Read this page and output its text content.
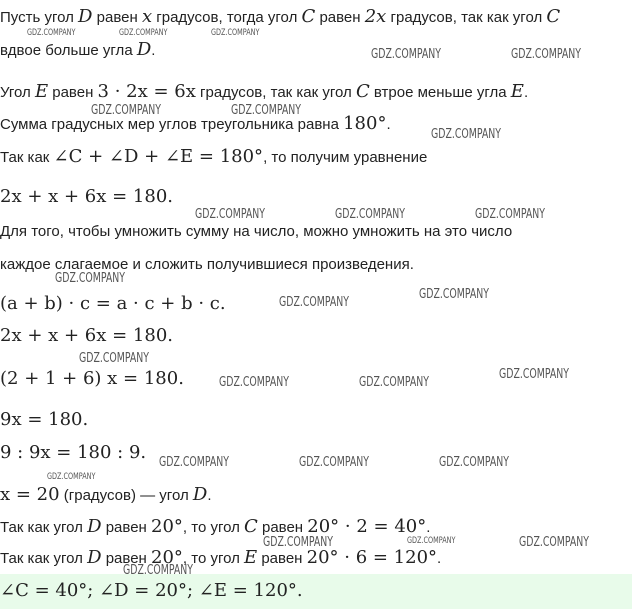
Пусть угол D равен x градусов, тогда угол C равен 2x градусов, так как угол C
вдвое больше угла D.
Угол E равен 3 · 2x = 6x градусов, так как угол C втрое меньше угла E.
Сумма градусных мер углов треугольника равна 180°.
Так как ∠C + ∠D + ∠E = 180°, то получим уравнение
2x + x + 6x = 180.
Для того, чтобы умножить сумму на число, можно умножить на это число
каждое слагаемое и сложить получившиеся произведения.
(a + b) · c = a · c + b · c.
2x + x + 6x = 180.
(2 + 1 + 6) x = 180.
9x = 180.
9 : 9x = 180 : 9.
x = 20 (градусов) — угол D.
Так как угол D равен 20°, то угол C равен 20° · 2 = 40°.
Так как угол D равен 20°, то угол E равен 20° · 6 = 120°.
∠C = 40°; ∠D = 20°; ∠E = 120°.
GDZ.COMPANY	GDZ.COMPANY	GDZ.COMPANY
GDZ.COMPANY	GDZ.COMPANY
GDZ.COMPANY	GDZ.COMPANY
GDZ.COMPANY
GDZ.COMPANY	GDZ.COMPANY	GDZ.COMPANY
GDZ.COMPANY
GDZ.COMPANY
GDZ.COMPANY
GDZ.COMPANY
GDZ.COMPANY
GDZ.COMPANY	GDZ.COMPANY
GDZ.COMPANY	GDZ.COMPANY	GDZ.COMPANY
GDZ.COMPANY
GDZ.COMPANY	GDZ.COMPANY	GDZ.COMPANY
GDZ.COMPANY
